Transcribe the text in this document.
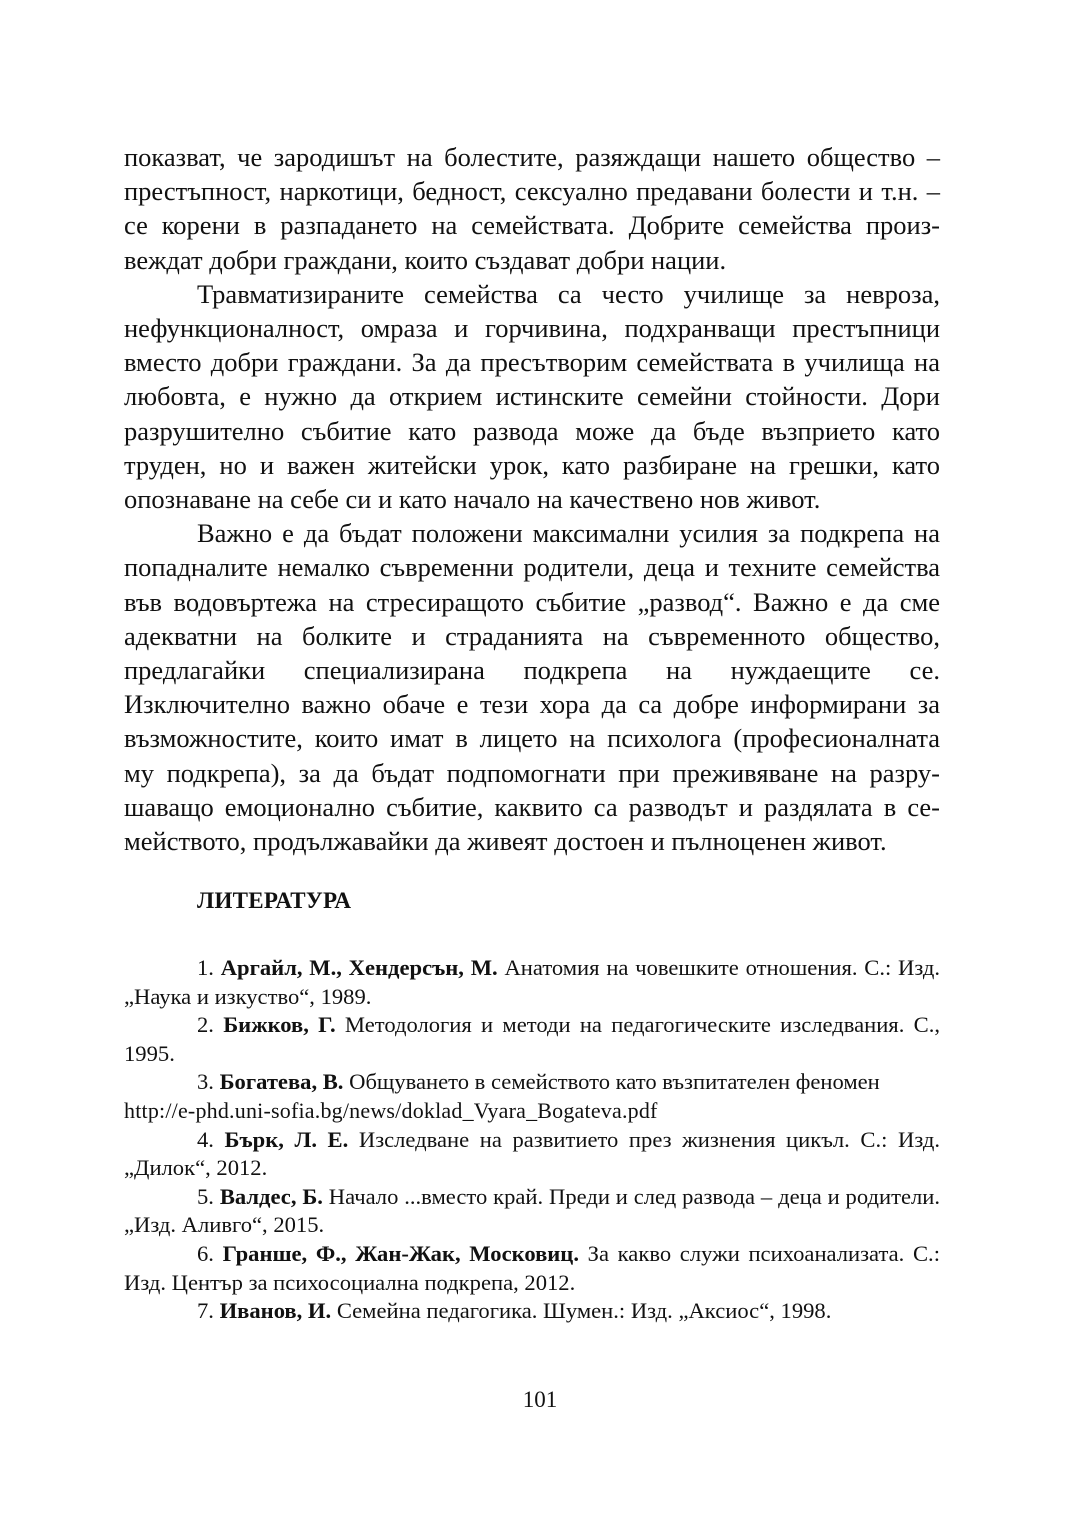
показват, че зародишът на болестите, разяждащи нашето общество – престъпност, наркотици, бедност, сексуално предавани болести и т.н. – се корени в разпадането на семействата. Добрите семейства произвеждат добри граждани, които създават добри нации.

Травматизираните семейства са често училище за невроза, нефункционалност, омраза и горчивина, подхранващи престъпници вместо добри граждани. За да пресътворим семействата в училища на любовта, е нужно да открием истинските семейни стойности. Дори разрушително събитие като развода може да бъде възприето като труден, но и важен житейски урок, като разбиране на грешки, като опознаване на себе си и като начало на качествено нов живот.

Важно е да бъдат положени максимални усилия за подкрепа на попадналите немалко съвременни родители, деца и техните семейства във водовъртежа на стресиращото събитие „развод“. Важно е да сме адекватни на болките и страданията на съвременното общество, предлагайки специализирана подкрепа на нуждаещите се. Изключително важно обаче е тези хора да са добре информирани за възможностите, които имат в лицето на психолога (професионалната му подкрепа), за да бъдат подпомогнати при преживяване на разрушаващо емоционално събитие, каквито са разводът и раздялата в семейството, продължавайки да живеят достоен и пълноценен живот.

ЛИТЕРАТУРА

1. Аргайл, М., Хендерсън, М. Анатомия на човешките отношения. С.: Изд. „Наука и изкуство“, 1989.

2. Бижков, Г. Методология и методи на педагогическите изследвания. С., 1995.

3. Богатева, В. Общуването в семейството като възпитателен феномен
http://e-phd.uni-sofia.bg/news/doklad_Vyara_Bogateva.pdf

4. Бърк, Л. Е. Изследване на развитието през жизнения цикъл. С.: Изд. „Дилок“, 2012.

5. Валдес, Б. Начало ...вместо край. Преди и след развода – деца и родители. „Изд. Аливго“, 2015.

6. Гранше, Ф., Жан-Жак, Московиц. За какво служи психоанализата. С.: Изд. Център за психосоциална подкрепа, 2012.

7. Иванов, И. Семейна педагогика. Шумен.: Изд. „Аксиос“, 1998.

101
